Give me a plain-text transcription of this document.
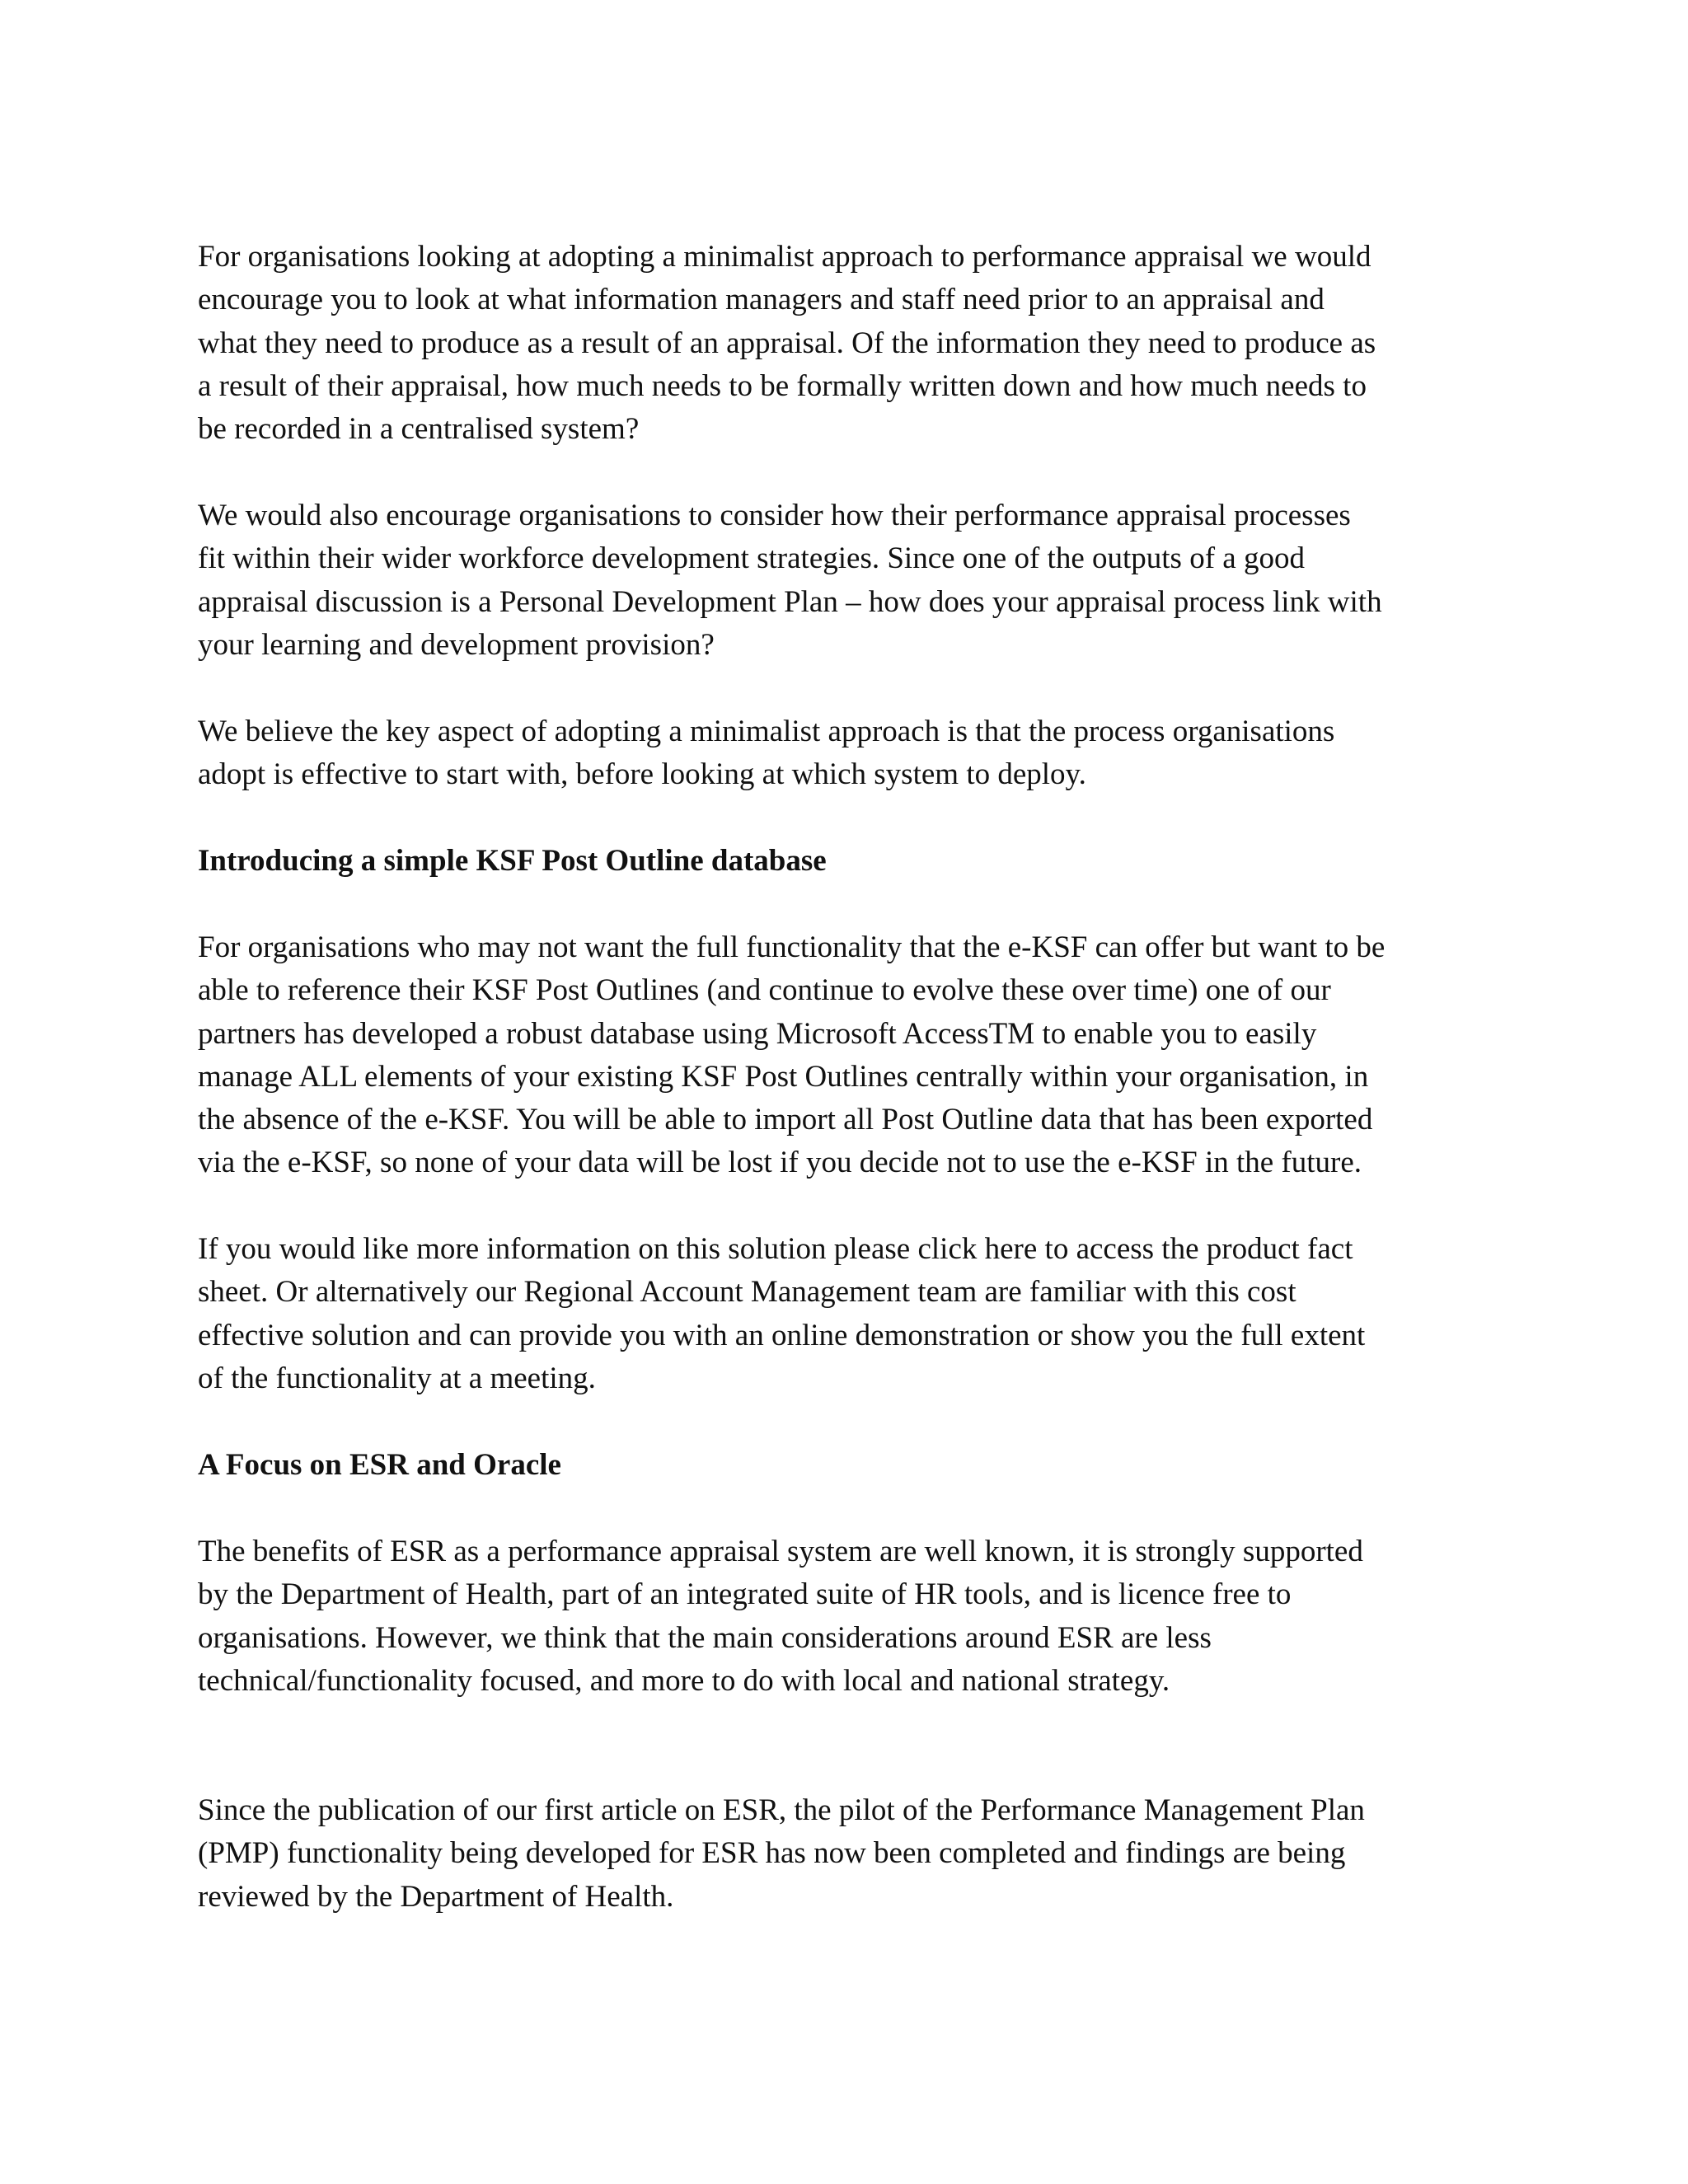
For organisations looking at adopting a minimalist approach to performance appraisal we would
encourage you to look at what information managers and staff need prior to an appraisal and
what they need to produce as a result of an appraisal. Of the information they need to produce as
a result of their appraisal, how much needs to be formally written down and how much needs to
be recorded in a centralised system?
We would also encourage organisations to consider how their performance appraisal processes
fit within their wider workforce development strategies. Since one of the outputs of a good
appraisal discussion is a Personal Development Plan – how does your appraisal process link with
your learning and development provision?
We believe the key aspect of adopting a minimalist approach is that the process organisations
adopt is effective to start with, before looking at which system to deploy.
Introducing a simple KSF Post Outline database
For organisations who may not want the full functionality that the e-KSF can offer but want to be
able to reference their KSF Post Outlines (and continue to evolve these over time) one of our
partners has developed a robust database using Microsoft AccessTM to enable you to easily
manage ALL elements of your existing KSF Post Outlines centrally within your organisation, in
the absence of the e-KSF. You will be able to import all Post Outline data that has been exported
via the e-KSF, so none of your data will be lost if you decide not to use the e-KSF in the future.
If you would like more information on this solution please click here to access the product fact
sheet. Or alternatively our Regional Account Management team are familiar with this cost
effective solution and can provide you with an online demonstration or show you the full extent
of the functionality at a meeting.
A Focus on ESR and Oracle
The benefits of ESR as a performance appraisal system are well known, it is strongly supported
by the Department of Health, part of an integrated suite of HR tools, and is licence free to
organisations. However, we think that the main considerations around ESR are less
technical/functionality focused, and more to do with local and national strategy.
Since the publication of our first article on ESR, the pilot of the Performance Management Plan
(PMP) functionality being developed for ESR has now been completed and findings are being
reviewed by the Department of Health.
